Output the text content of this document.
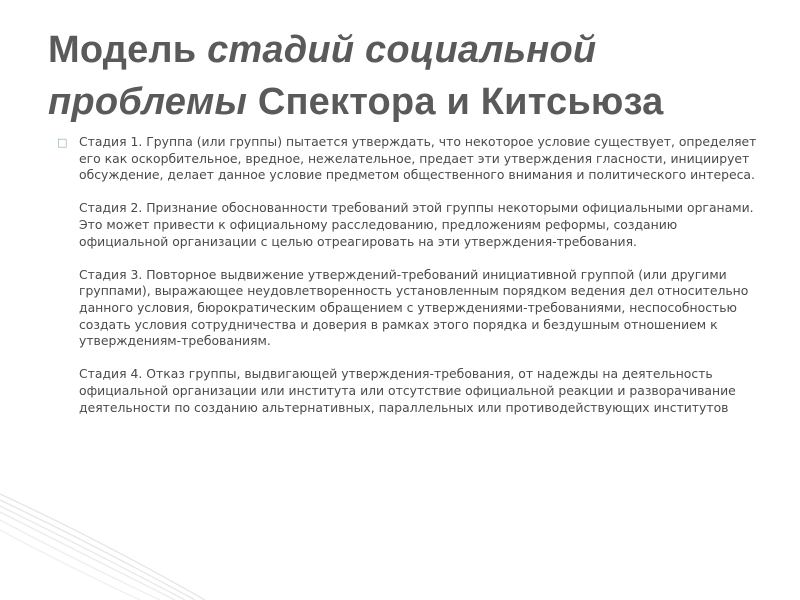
Модель стадий социальной проблемы Спектора и Китсьюза
□ Стадия 1. Группа (или группы) пытается утверждать, что некоторое условие существует, определяет его как оскорбительное, вредное, нежелательное, предает эти утверждения гласности, инициирует обсуждение, делает данное условие предметом общественного внимания и политического интереса.

Стадия 2. Признание обоснованности требований этой группы некоторыми официальными органами. Это может привести к официальному расследованию, предложениям реформы, созданию официальной организации с целью отреагировать на эти утверждения-требования.

Стадия 3. Повторное выдвижение утверждений-требований инициативной группой (или другими группами), выражающее неудовлетворенность установленным порядком ведения дел относительно данного условия, бюрократическим обращением с утверждениями-требованиями, неспособностью создать условия сотрудничества и доверия в рамках этого порядка и бездушным отношением к утверждениям-требованиям.

Стадия 4. Отказ группы, выдвигающей утверждения-требования, от надежды на деятельность официальной организации или института или отсутствие официальной реакции и разворачивание деятельности по созданию альтернативных, параллельных или противодействующих институтов
